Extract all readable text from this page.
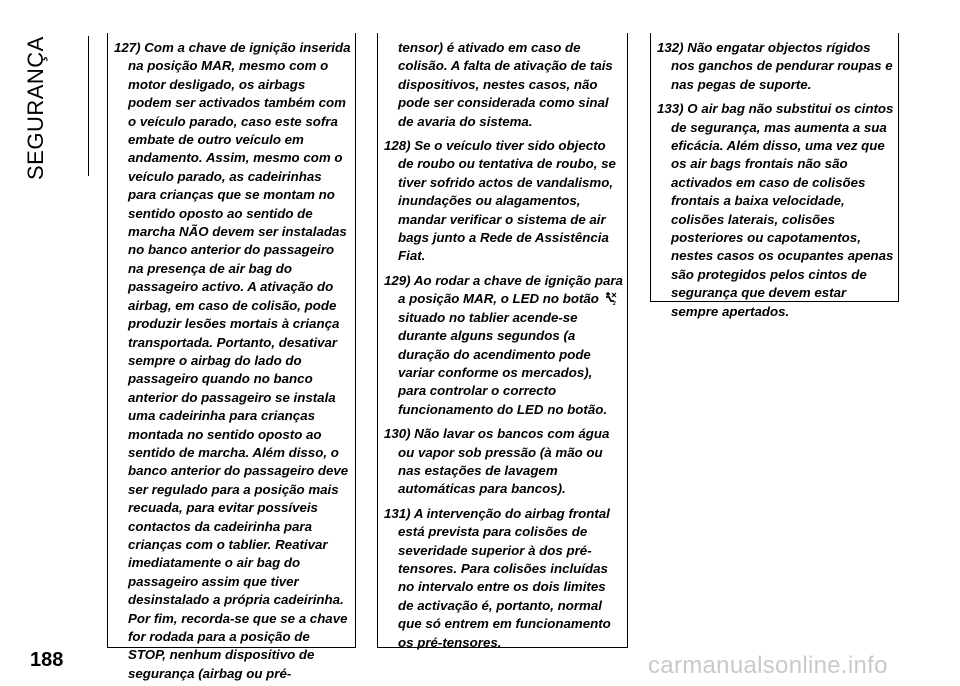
SEGURANÇA	127) Com a chave de ignição inserida na posição MAR, mesmo com o motor desligado, os airbags podem ser activados também com o veículo parado, caso este sofra embate de outro veículo em andamento. Assim, mesmo com o veículo parado, as cadeirinhas para crianças que se montam no sentido oposto ao sentido de marcha NÃO devem ser instaladas no banco anterior do passageiro na presença de air bag do passageiro activo. A ativação do airbag, em caso de colisão, pode produzir lesões mortais à criança transportada. Portanto, desativar sempre o airbag do lado do passageiro quando no banco anterior do passageiro se instala uma cadeirinha para crianças montada no sentido oposto ao sentido de marcha. Além disso, o banco anterior do passageiro deve ser regulado para a posição mais recuada, para evitar possíveis contactos da cadeirinha para crianças com o tablier. Reativar imediatamente o air bag do passageiro assim que tiver desinstalado a própria cadeirinha. Por fim, recorda-se que se a chave for rodada para a posição de STOP, nenhum dispositivo de segurança (airbag ou pré-

tensor) é ativado em caso de colisão. A falta de ativação de tais dispositivos, nestes casos, não pode ser considerada como sinal de avaria do sistema.

128) Se o veículo tiver sido objecto de roubo ou tentativa de roubo, se tiver sofrido actos de vandalismo, inundações ou alagamentos, mandar verificar o sistema de air bags junto a Rede de Assistência Fiat.

129) Ao rodar a chave de ignição para a posição MAR, o LED no botão	2
situado no tablier acende-se durante alguns segundos (a duração do acendimento pode variar conforme os mercados), para controlar o correcto funcionamento do LED no botão.

130) Não lavar os bancos com água ou vapor sob pressão (à mão ou nas estações de lavagem automáticas para bancos).

131) A intervenção do airbag frontal está prevista para colisões de severidade superior à dos pré-tensores. Para colisões incluídas no intervalo entre os dois limites de activação é, portanto, normal que só entrem em funcionamento os pré-tensores.

132) Não engatar objectos rígidos nos ganchos de pendurar roupas e nas pegas de suporte.

133) O air bag não substitui os cintos de segurança, mas aumenta a sua eficácia. Além disso, uma vez que os air bags frontais não são activados em caso de colisões frontais a baixa velocidade, colisões laterais, colisões posteriores ou capotamentos, nestes casos os ocupantes apenas são protegidos pelos cintos de segurança que devem estar sempre apertados.

188	carmanualsonline.info
